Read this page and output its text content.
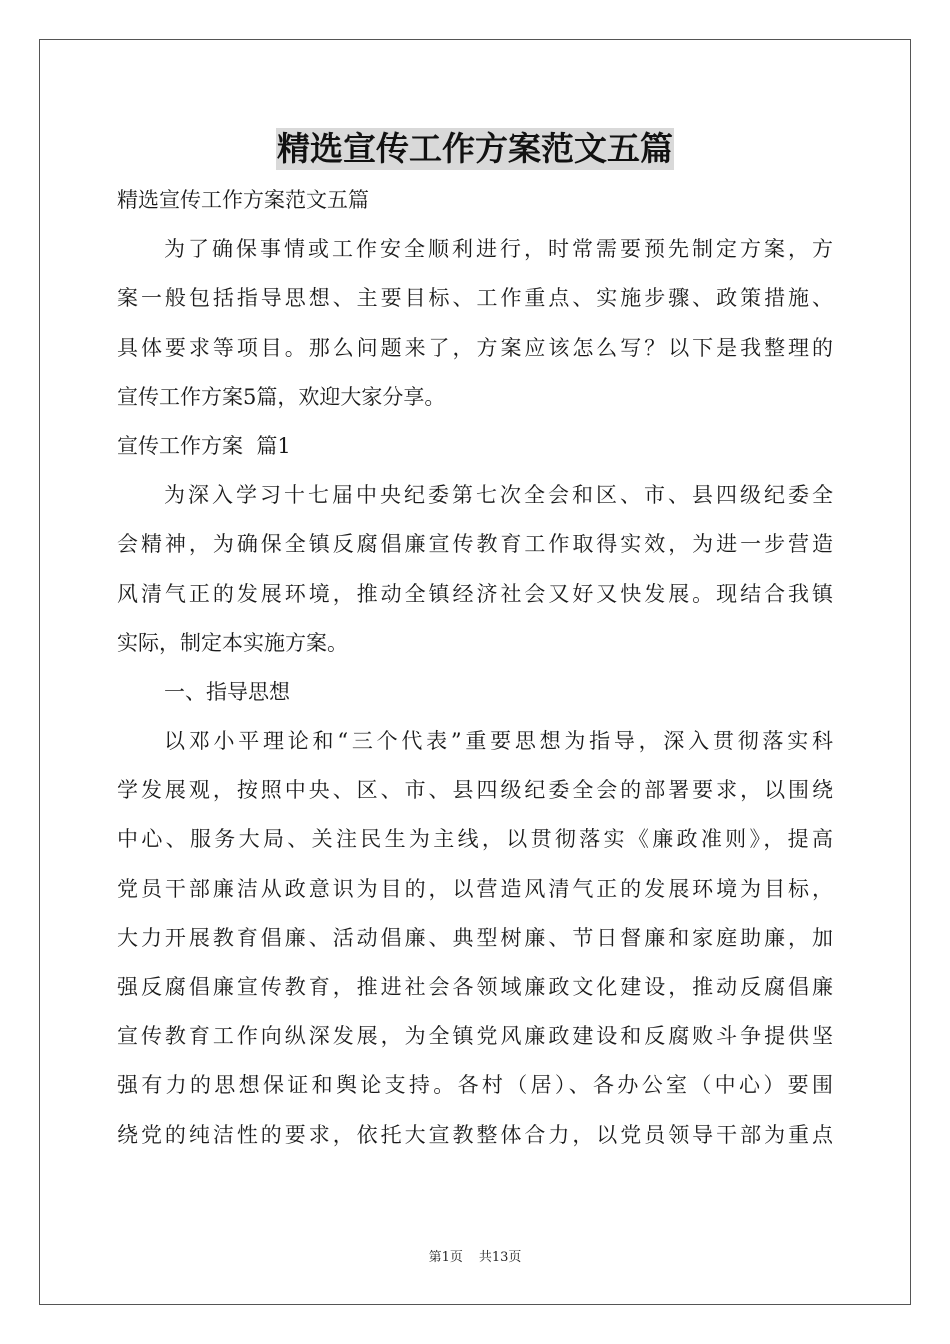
精选宣传工作方案范文五篇
精选宣传工作方案范文五篇
为了确保事情或工作安全顺利进行，时常需要预先制定方案，方
案一般包括指导思想、主要目标、工作重点、实施步骤、政策措施、
具体要求等项目。那么问题来了，方案应该怎么写？以下是我整理的
宣传工作方案5篇，欢迎大家分享。
宣传工作方案  篇1
为深入学习十七届中央纪委第七次全会和区、市、县四级纪委全
会精神，为确保全镇反腐倡廉宣传教育工作取得实效，为进一步营造
风清气正的发展环境，推动全镇经济社会又好又快发展。现结合我镇
实际，制定本实施方案。
一、指导思想
以邓小平理论和“三个代表”重要思想为指导，深入贯彻落实科
学发展观，按照中央、区、市、县四级纪委全会的部署要求，以围绕
中心、服务大局、关注民生为主线，以贯彻落实《廉政准则》，提高
党员干部廉洁从政意识为目的，以营造风清气正的发展环境为目标，
大力开展教育倡廉、活动倡廉、典型树廉、节日督廉和家庭助廉，加
强反腐倡廉宣传教育，推进社会各领域廉政文化建设，推动反腐倡廉
宣传教育工作向纵深发展，为全镇党风廉政建设和反腐败斗争提供坚
强有力的思想保证和舆论支持。各村（居）、各办公室（中心）要围
绕党的纯洁性的要求，依托大宣教整体合力，以党员领导干部为重点
第1页 共13页
